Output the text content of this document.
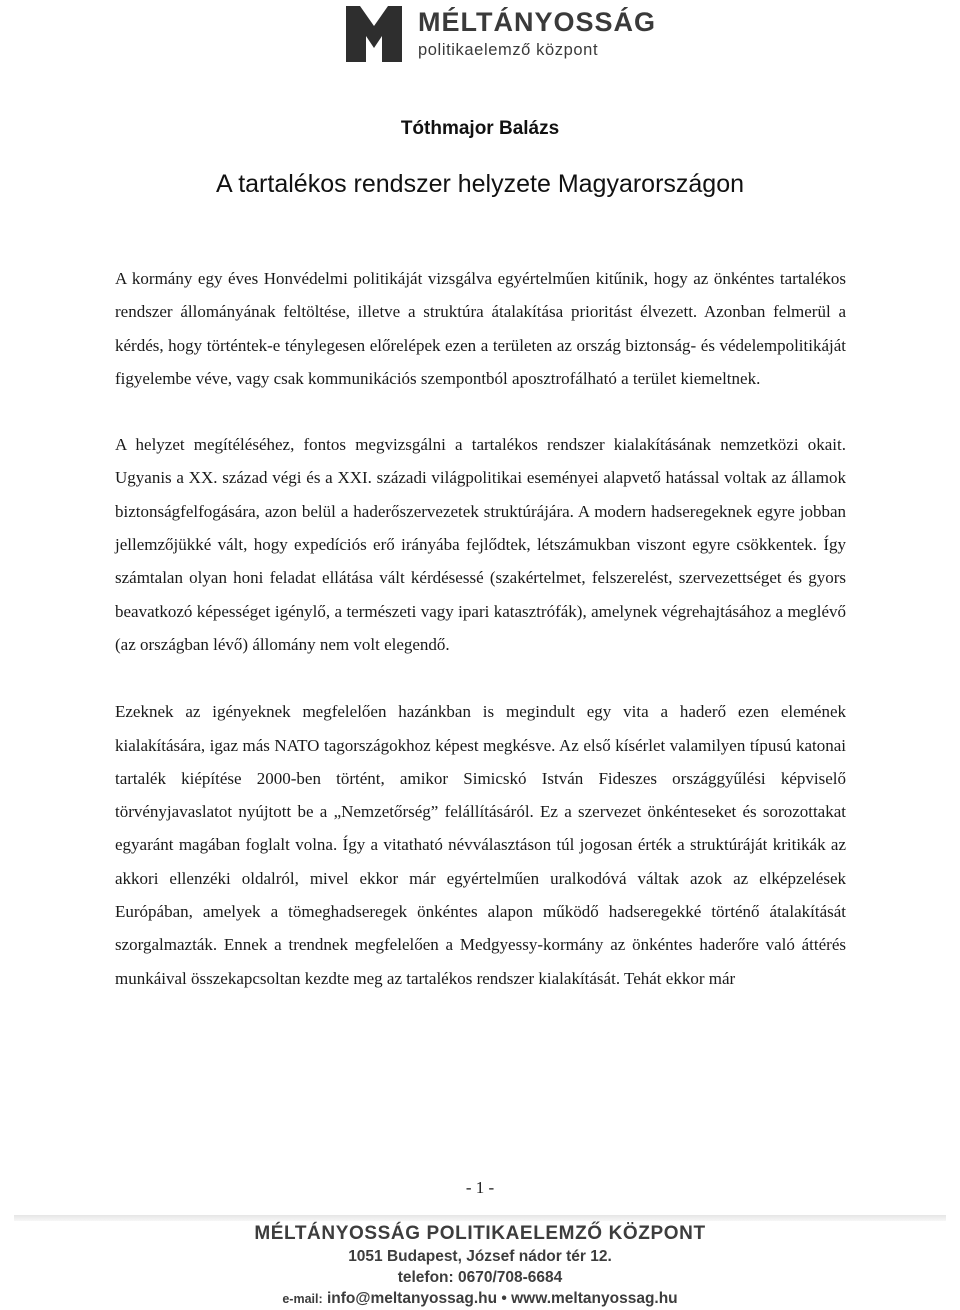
MÉLTÁNYOSSÁG
politikaelemző központ
Tóthmajor Balázs
A tartalékos rendszer helyzete Magyarországon

A kormány egy éves Honvédelmi politikáját vizsgálva egyértelműen kitűnik, hogy az önkéntes tartalékos rendszer állományának feltöltése, illetve a struktúra átalakítása prioritást élvezett. Azonban felmerül a kérdés, hogy történtek-e ténylegesen előrelépek ezen a területen az ország biztonság- és védelempolitikáját figyelembe véve, vagy csak kommunikációs szempontból aposztrofálható a terület kiemeltnek.

A helyzet megítéléséhez, fontos megvizsgálni a tartalékos rendszer kialakításának nemzetközi okait. Ugyanis a XX. század végi és a XXI. századi világpolitikai eseményei alapvető hatással voltak az államok biztonságfelfogására, azon belül a haderőszervezetek struktúrájára. A modern hadseregeknek egyre jobban jellemzőjükké vált, hogy expedíciós erő irányába fejlődtek, létszámukban viszont egyre csökkentek. Így számtalan olyan honi feladat ellátása vált kérdésessé (szakértelmet, felszerelést, szervezettséget és gyors beavatkozó képességet igénylő, a természeti vagy ipari katasztrófák), amelynek végrehajtásához a meglévő (az országban lévő) állomány nem volt elegendő.

Ezeknek az igényeknek megfelelően hazánkban is megindult egy vita a haderő ezen elemének kialakítására, igaz más NATO tagországokhoz képest megkésve. Az első kísérlet valamilyen típusú katonai tartalék kiépítése 2000-ben történt, amikor Simicskó István Fideszes országgyűlési képviselő törvényjavaslatot nyújtott be a „Nemzetőrség” felállításáról. Ez a szervezet önkénteseket és sorozottakat egyaránt magában foglalt volna. Így a vitatható névválasztáson túl jogosan érték a struktúráját kritikák az akkori ellenzéki oldalról, mivel ekkor már egyértelműen uralkodóvá váltak azok az elképzelések Európában, amelyek a tömeghadseregek önkéntes alapon működő hadseregekké történő átalakítását szorgalmazták. Ennek a trendnek megfelelően a Medgyessy-kormány az önkéntes haderőre való áttérés munkáival összekapcsoltan kezdte meg az tartalékos rendszer kialakítását. Tehát ekkor már

- 1 -
MÉLTÁNYOSSÁG POLITIKAELEMZŐ KÖZPONT
1051 Budapest, József nádor tér 12.
telefon: 0670/708-6684
e-mail: info@meltanyossag.hu • www.meltanyossag.hu
